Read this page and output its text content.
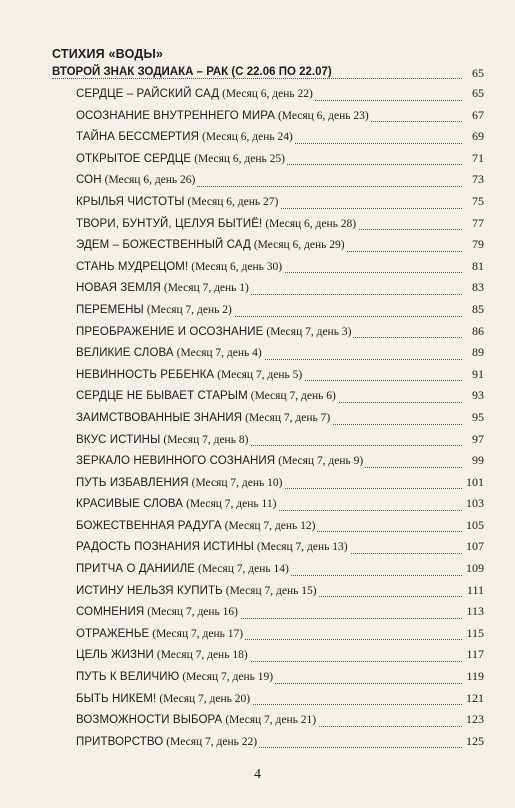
СТИХИЯ «ВОДЫ»
ВТОРОЙ ЗНАК ЗОДИАКА – РАК (С 22.06 ПО 22.07)	65
СЕРДЦЕ – РАЙСКИЙ САД (Месяц 6, день 22)	65
ОСОЗНАНИЕ ВНУТРЕННЕГО МИРА (Месяц 6, день 23)	67
ТАЙНА БЕССМЕРТИЯ (Месяц 6, день 24)	69
ОТКРЫТОЕ СЕРДЦЕ (Месяц 6, день 25)	71
СОН (Месяц 6, день 26)	73
КРЫЛЬЯ ЧИСТОТЫ (Месяц 6, день 27)	75
ТВОРИ, БУНТУЙ, ЦЕЛУЯ БЫТИЁ! (Месяц 6, день 28)	77
ЭДЕМ – БОЖЕСТВЕННЫЙ САД (Месяц 6, день 29)	79
СТАНЬ МУДРЕЦОМ! (Месяц 6, день 30)	81
НОВАЯ ЗЕМЛЯ (Месяц 7, день 1)	83
ПЕРЕМЕНЫ (Месяц 7, день 2)	85
ПРЕОБРАЖЕНИЕ И ОСОЗНАНИЕ (Месяц 7, день 3)	86
ВЕЛИКИЕ СЛОВА (Месяц 7, день 4)	89
НЕВИННОСТЬ РЕБЕНКА (Месяц 7, день 5)	91
СЕРДЦЕ НЕ БЫВАЕТ СТАРЫМ (Месяц 7, день 6)	93
ЗАИМСТВОВАННЫЕ ЗНАНИЯ (Месяц 7, день 7)	95
ВКУС ИСТИНЫ (Месяц 7, день 8)	97
ЗЕРКАЛО НЕВИННОГО СОЗНАНИЯ (Месяц 7, день 9)	99
ПУТЬ ИЗБАВЛЕНИЯ (Месяц 7, день 10)	101
КРАСИВЫЕ СЛОВА (Месяц 7, день 11)	103
БОЖЕСТВЕННАЯ РАДУГА (Месяц 7, день 12)	105
РАДОСТЬ ПОЗНАНИЯ ИСТИНЫ (Месяц 7, день 13)	107
ПРИТЧА О ДАНИИЛЕ (Месяц 7, день 14)	109
ИСТИНУ НЕЛЬЗЯ КУПИТЬ (Месяц 7, день 15)	111
СОМНЕНИЯ (Месяц 7, день 16)	113
ОТРАЖЕНЬЕ (Месяц 7, день 17)	115
ЦЕЛЬ ЖИЗНИ (Месяц 7, день 18)	117
ПУТЬ К ВЕЛИЧИЮ (Месяц 7, день 19)	119
БЫТЬ НИКЕМ! (Месяц 7, день 20)	121
ВОЗМОЖНОСТИ ВЫБОРА (Месяц 7, день 21)	123
ПРИТВОРСТВО (Месяц 7, день 22)	125
4
